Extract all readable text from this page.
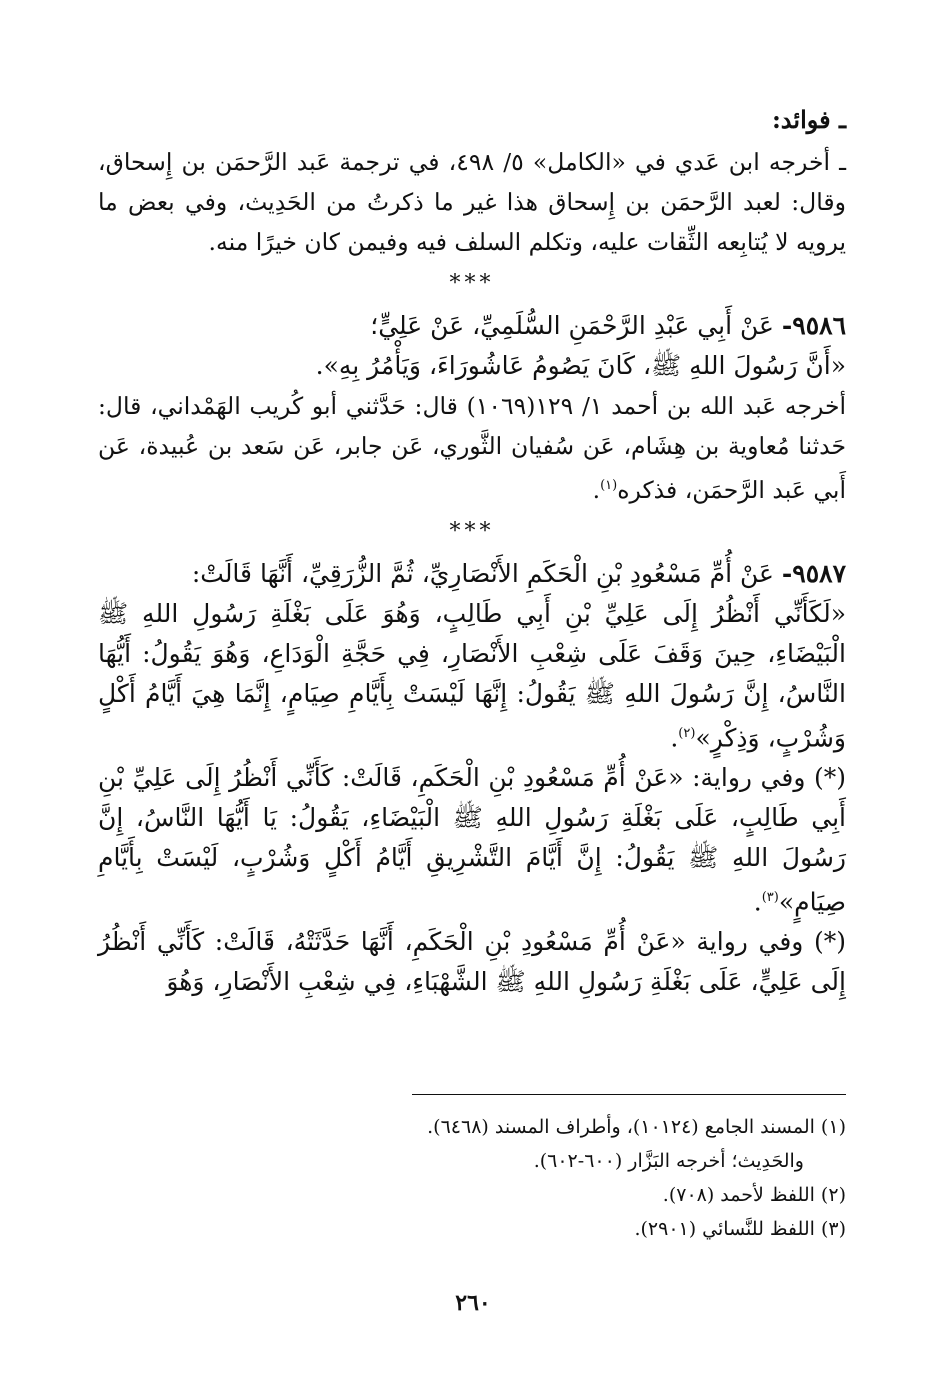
ـ فوائد:

ـ أخرجه ابن عَدي في «الكامل» ٥/ ٤٩٨، في ترجمة عَبد الرَّحمَن بن إِسحاق، وقال: لعبد الرَّحمَن بن إِسحاق هذا غير ما ذكرتُ من الحَدِيث، وفي بعض ما يرويه لا يُتابِعه الثِّقات عليه، وتكلم السلف فيه وفيمن كان خيرًا منه.

***

٩٥٨٦- عَنْ أَبِي عَبْدِ الرَّحْمَنِ السُّلَمِيِّ، عَنْ عَلِيٍّ؛

«أَنَّ رَسُولَ اللهِ ﷺ، كَانَ يَصُومُ عَاشُورَاءَ، وَيَأْمُرُ بِهِ».

أخرجه عَبد الله بن أحمد ١/ ١٢٩(١٠٦٩) قال: حَدَّثني أبو كُريب الهَمْداني، قال: حَدثنا مُعاوية بن هِشَام، عَن سُفيان الثَّوري، عَن جابر، عَن سَعد بن عُبيدة، عَن أَبي عَبد الرَّحمَن، فذكره$^{(١)}$.

***

٩٥٨٧- عَنْ أُمِّ مَسْعُودِ بْنِ الْحَكَمِ الأَنْصَارِيِّ، ثُمَّ الزُّرَقِيِّ، أَنَّهَا قَالَتْ:

«لَكَأَنِّي أَنْظُرُ إِلَى عَلِيِّ بْنِ أَبِي طَالِبٍ، وَهُوَ عَلَى بَغْلَةِ رَسُولِ اللهِ ﷺ الْبَيْضَاءِ، حِينَ وَقَفَ عَلَى شِعْبِ الأَنْصَارِ، فِي حَجَّةِ الْوَدَاعِ، وَهُوَ يَقُولُ: أَيُّهَا النَّاسُ، إِنَّ رَسُولَ اللهِ ﷺ يَقُولُ: إِنَّهَا لَيْسَتْ بِأَيَّامِ صِيَامٍ، إِنَّمَا هِيَ أَيَّامُ أَكْلٍ وَشُرْبٍ، وَذِكْرٍ»$^{(٢)}$.

(*) وفي رواية: «عَنْ أُمِّ مَسْعُودِ بْنِ الْحَكَمِ، قَالَتْ: كَأَنِّي أَنْظُرُ إِلَى عَلِيِّ بْنِ أَبِي طَالِبٍ، عَلَى بَغْلَةِ رَسُولِ اللهِ ﷺ الْبَيْضَاءِ، يَقُولُ: يَا أَيُّهَا النَّاسُ، إِنَّ رَسُولَ اللهِ ﷺ يَقُولُ: إِنَّ أَيَّامَ التَّشْرِيقِ أَيَّامُ أَكْلٍ وَشُرْبٍ، لَيْسَتْ بِأَيَّامِ صِيَامٍ»$^{(٣)}$.

(*) وفي رواية «عَنْ أُمِّ مَسْعُودِ بْنِ الْحَكَمِ، أَنَّهَا حَدَّثَتْهُ، قَالَتْ: كَأَنِّي أَنْظُرُ إِلَى عَلِيٍّ، عَلَى بَغْلَةِ رَسُولِ اللهِ ﷺ الشَّهْبَاءِ، فِي شِعْبِ الأَنْصَارِ، وَهُوَ

(١) المسند الجامع (١٠١٢٤)، وأطراف المسند (٦٤٦٨).

والحَدِيث؛ أخرجه البَزَّار (٦٠٠-٦٠٢).

(٢) اللفظ لأحمد (٧٠٨).

(٣) اللفظ للنَّسائي (٢٩٠١).

٢٦٠
